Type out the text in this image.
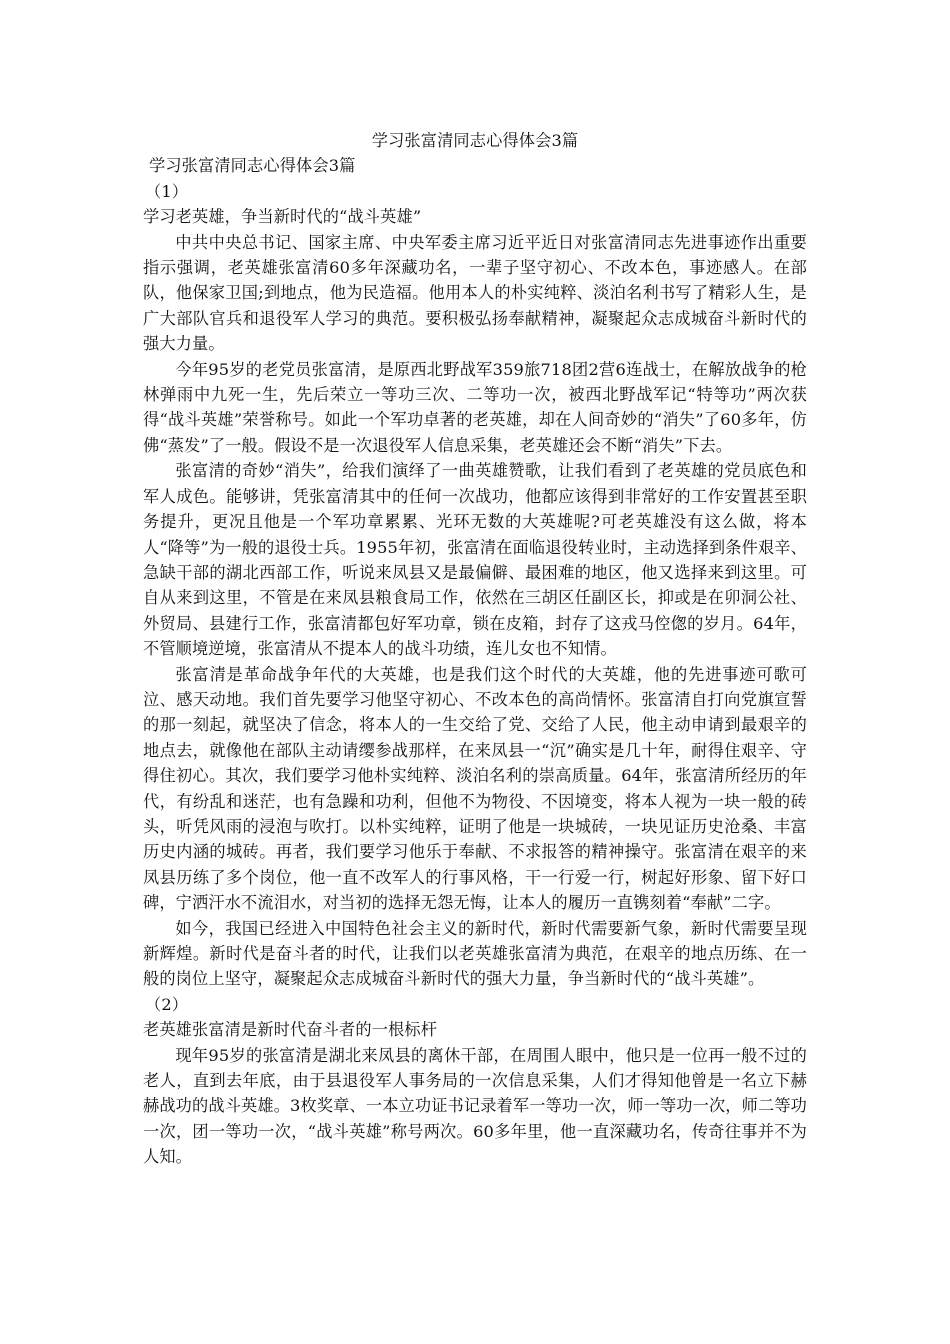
学习张富清同志心得体会3篇

学习张富清同志心得体会3篇

（1）

学习老英雄，争当新时代的“战斗英雄”

中共中央总书记、国家主席、中央军委主席习近平近日对张富清同志先进事迹作出重要指示强调，老英雄张富清60多年深藏功名，一辈子坚守初心、不改本色，事迹感人。在部队，他保家卫国;到地点，他为民造福。他用本人的朴实纯粹、淡泊名利书写了精彩人生，是广大部队官兵和退役军人学习的典范。要积极弘扬奉献精神，凝聚起众志成城奋斗新时代的强大力量。

今年95岁的老党员张富清，是原西北野战军359旅718团2营6连战士，在解放战争的枪林弹雨中九死一生，先后荣立一等功三次、二等功一次，被西北野战军记“特等功”两次获得“战斗英雄”荣誉称号。如此一个军功卓著的老英雄，却在人间奇妙的“消失”了60多年，仿佛“蒸发”了一般。假设不是一次退役军人信息采集，老英雄还会不断“消失”下去。

张富清的奇妙“消失”，给我们演绎了一曲英雄赞歌，让我们看到了老英雄的党员底色和军人成色。能够讲，凭张富清其中的任何一次战功，他都应该得到非常好的工作安置甚至职务提升，更况且他是一个军功章累累、光环无数的大英雄呢?可老英雄没有这么做，将本人“降等”为一般的退役士兵。1955年初，张富清在面临退役转业时，主动选择到条件艰辛、急缺干部的湖北西部工作，听说来凤县又是最偏僻、最困难的地区，他又选择来到这里。可自从来到这里，不管是在来凤县粮食局工作，依然在三胡区任副区长，抑或是在卯洞公社、外贸局、县建行工作，张富清都包好军功章，锁在皮箱，封存了这戎马倥偬的岁月。64年，不管顺境逆境，张富清从不提本人的战斗功绩，连儿女也不知情。

张富清是革命战争年代的大英雄，也是我们这个时代的大英雄，他的先进事迹可歌可泣、感天动地。我们首先要学习他坚守初心、不改本色的高尚情怀。张富清自打向党旗宣誓的那一刻起，就坚决了信念，将本人的一生交给了党、交给了人民，他主动申请到最艰辛的地点去，就像他在部队主动请缨参战那样，在来凤县一“沉”确实是几十年，耐得住艰辛、守得住初心。其次，我们要学习他朴实纯粹、淡泊名利的崇高质量。64年，张富清所经历的年代，有纷乱和迷茫，也有急躁和功利，但他不为物役、不因境变，将本人视为一块一般的砖头，听凭风雨的浸泡与吹打。以朴实纯粹，证明了他是一块城砖，一块见证历史沧桑、丰富历史内涵的城砖。再者，我们要学习他乐于奉献、不求报答的精神操守。张富清在艰辛的来凤县历练了多个岗位，他一直不改军人的行事风格，干一行爱一行，树起好形象、留下好口碑，宁洒汗水不流泪水，对当初的选择无怨无悔，让本人的履历一直镌刻着“奉献”二字。

如今，我国已经进入中国特色社会主义的新时代，新时代需要新气象，新时代需要呈现新辉煌。新时代是奋斗者的时代，让我们以老英雄张富清为典范，在艰辛的地点历练、在一般的岗位上坚守，凝聚起众志成城奋斗新时代的强大力量，争当新时代的“战斗英雄”。

（2）

老英雄张富清是新时代奋斗者的一根标杆

现年95岁的张富清是湖北来凤县的离休干部，在周围人眼中，他只是一位再一般不过的老人，直到去年底，由于县退役军人事务局的一次信息采集，人们才得知他曾是一名立下赫赫战功的战斗英雄。3枚奖章、一本立功证书记录着军一等功一次，师一等功一次，师二等功一次，团一等功一次，“战斗英雄”称号两次。60多年里，他一直深藏功名，传奇往事并不为人知。
